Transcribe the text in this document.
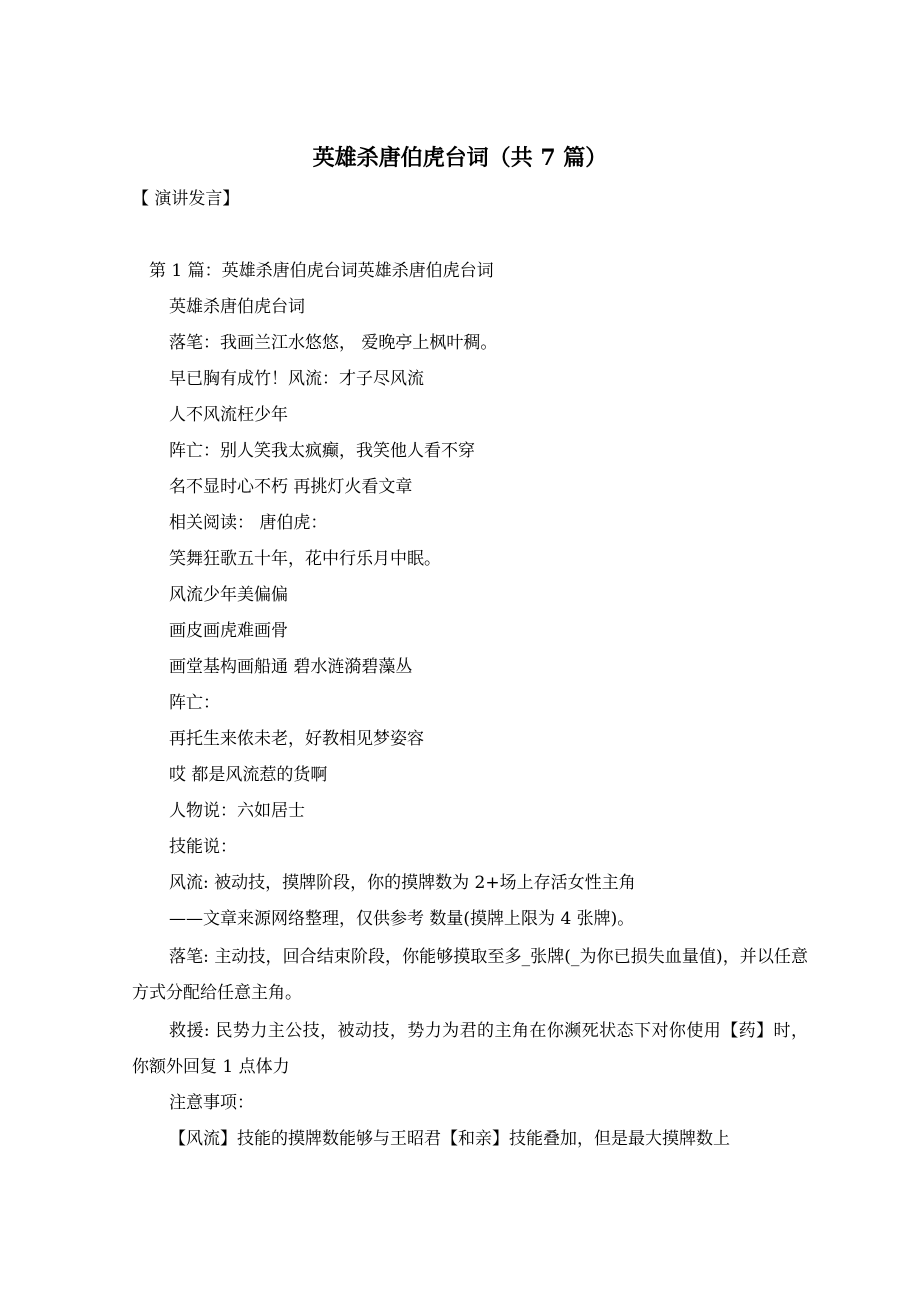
英雄杀唐伯虎台词（共 7 篇）
【 演讲发言】
第 1 篇：英雄杀唐伯虎台词英雄杀唐伯虎台词
英雄杀唐伯虎台词
落笔：我画兰江水悠悠， 爱晚亭上枫叶稠。
早已胸有成竹！风流：才子尽风流
人不风流枉少年
阵亡：别人笑我太疯癫，我笑他人看不穿
名不显时心不朽 再挑灯火看文章
相关阅读： 唐伯虎：
笑舞狂歌五十年，花中行乐月中眠。
风流少年美偏偏
画皮画虎难画骨
画堂基构画船通 碧水涟漪碧藻丛
阵亡：
再托生来侬未老，好教相见梦姿容
哎 都是风流惹的货啊
人物说：六如居士
技能说：
风流: 被动技，摸牌阶段，你的摸牌数为 2+场上存活女性主角
——文章来源网络整理，仅供参考 数量(摸牌上限为 4 张牌)。
落笔: 主动技，回合结束阶段，你能够摸取至多_张牌(_为你已损失血量值)，并以任意方式分配给任意主角。
救援: 民势力主公技，被动技，势力为君的主角在你濒死状态下对你使用【药】时，你额外回复 1 点体力
注意事项：
【风流】技能的摸牌数能够与王昭君【和亲】技能叠加，但是最大摸牌数上
